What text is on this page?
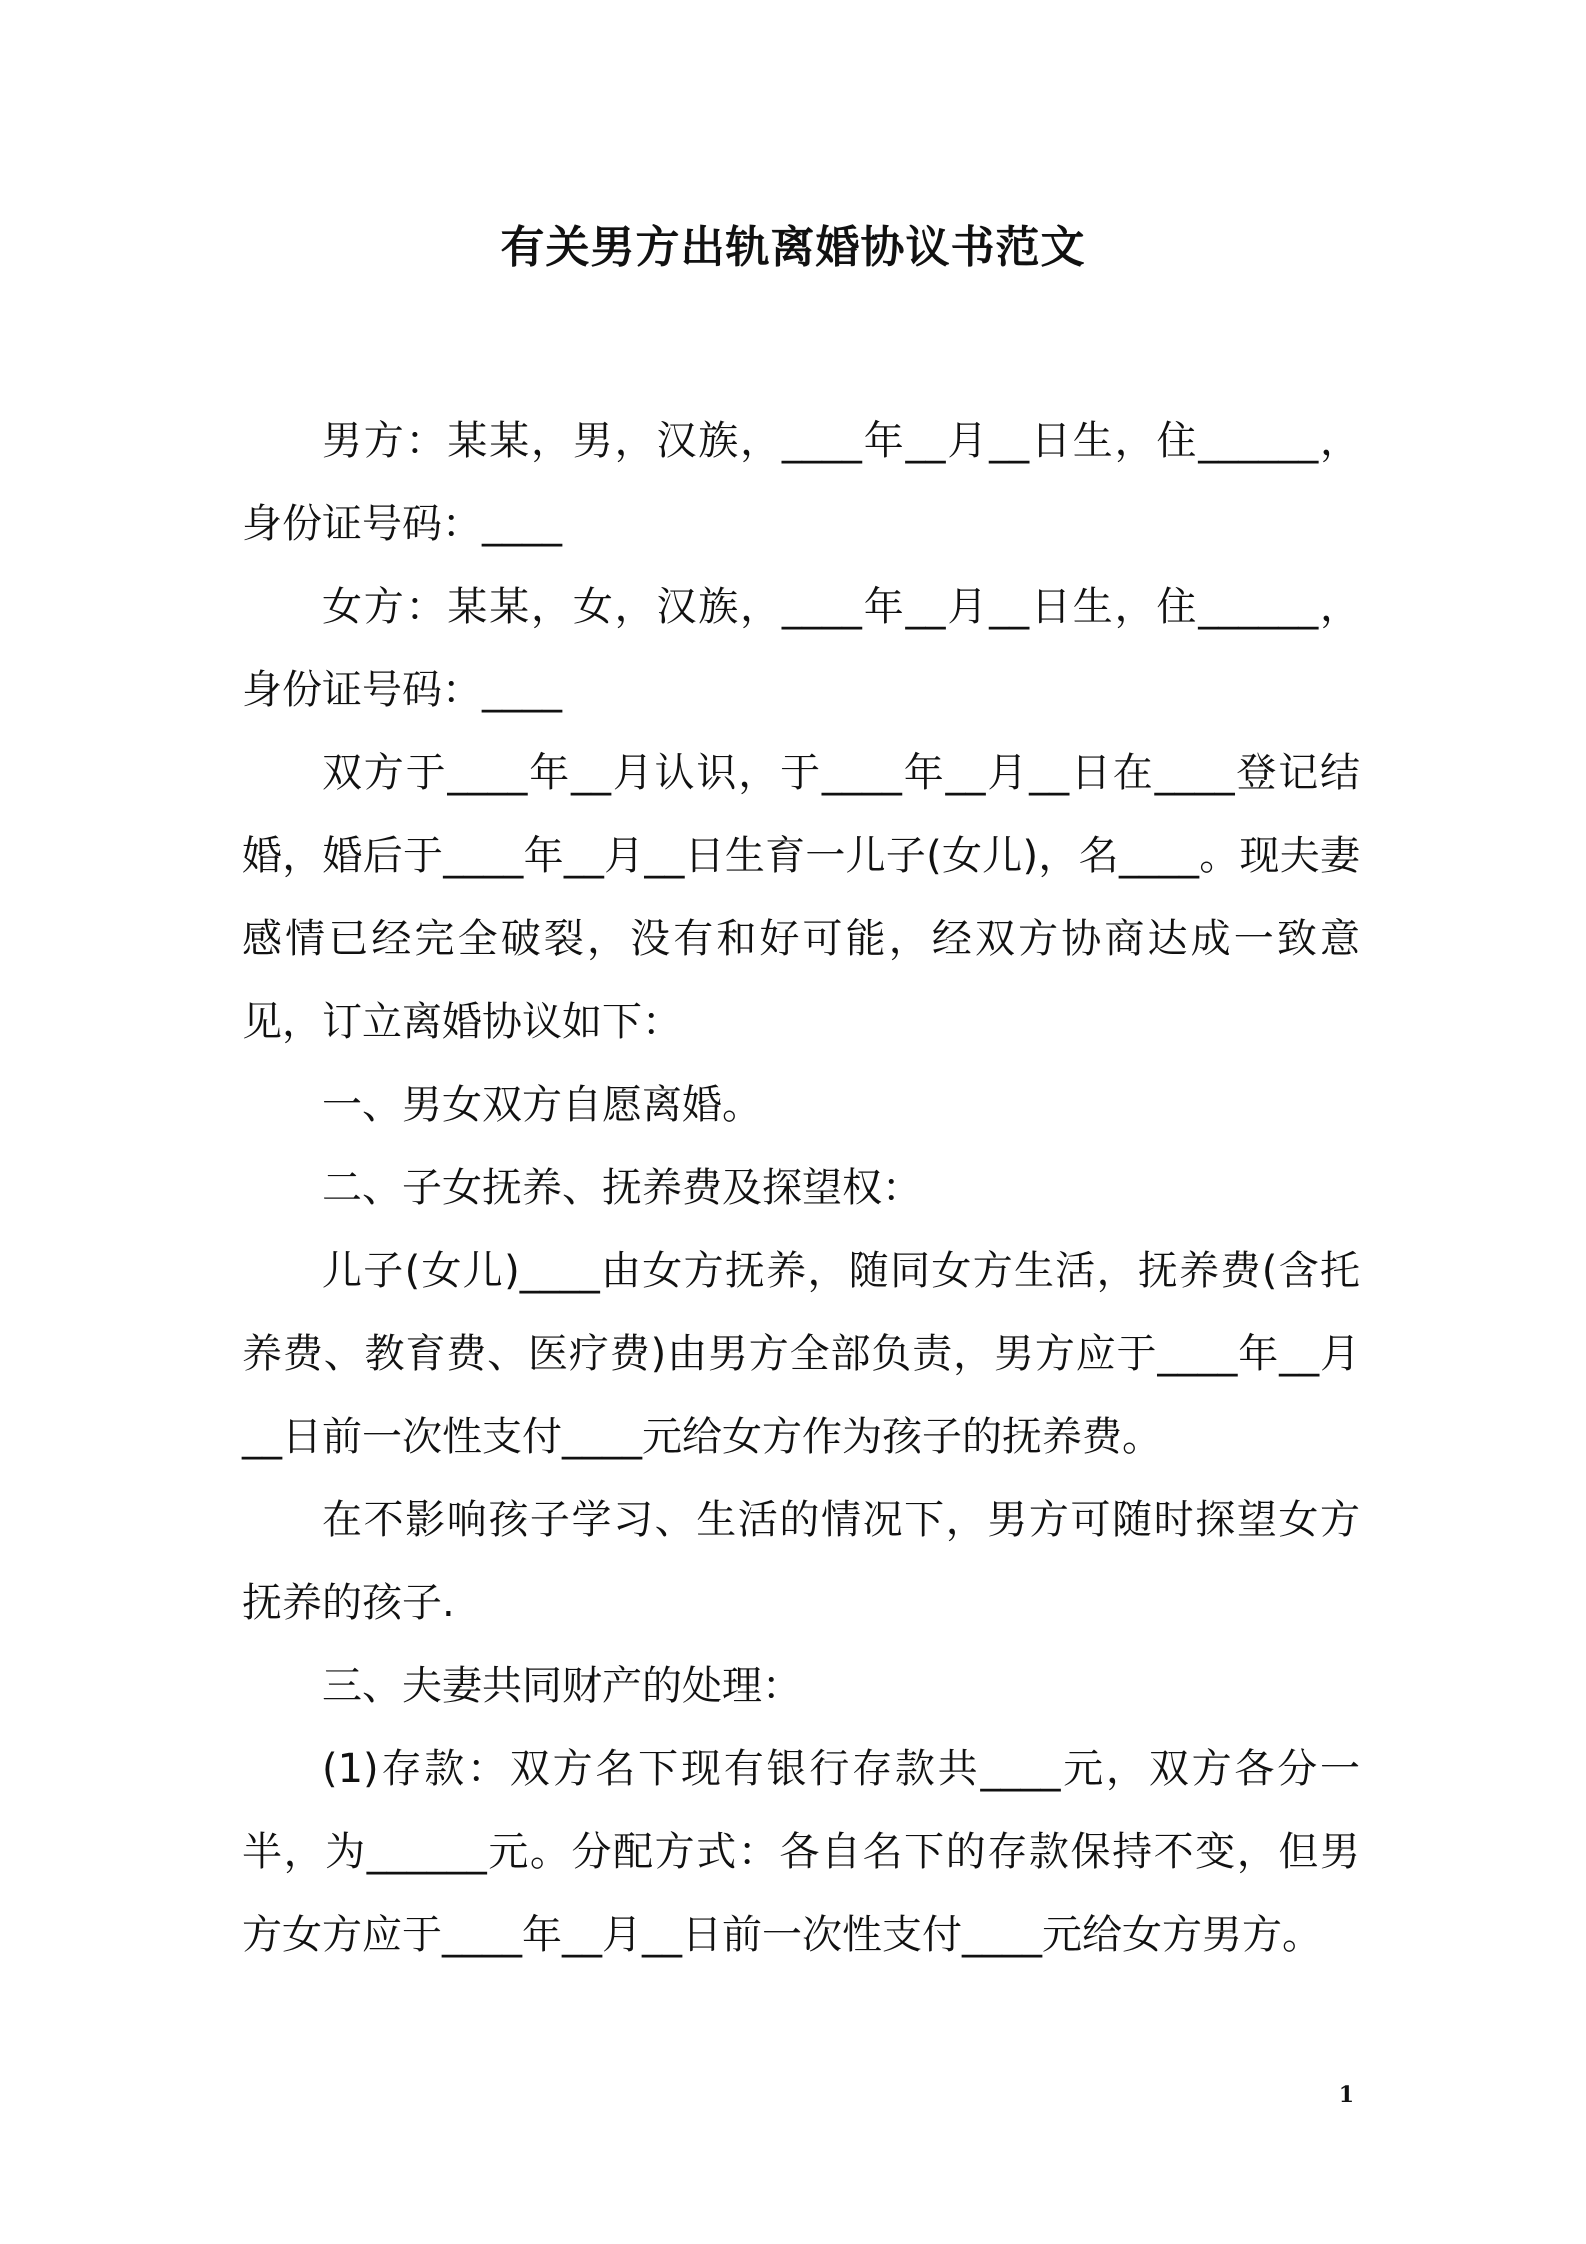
有关男方出轨离婚协议书范文

男方：某某，男，汉族，____年__月__日生，住______，身份证号码：____

女方：某某，女，汉族，____年__月__日生，住______，身份证号码：____

双方于____年__月认识，于____年__月__日在____登记结婚，婚后于____年__月__日生育一儿子(女儿)，名____。现夫妻感情已经完全破裂，没有和好可能，经双方协商达成一致意见，订立离婚协议如下：

一、男女双方自愿离婚。

二、子女抚养、抚养费及探望权：

儿子(女儿)____由女方抚养，随同女方生活，抚养费(含托养费、教育费、医疗费)由男方全部负责，男方应于____年__月__日前一次性支付____元给女方作为孩子的抚养费。

在不影响孩子学习、生活的情况下，男方可随时探望女方抚养的孩子.

三、夫妻共同财产的处理：

(1)存款：双方名下现有银行存款共____元，双方各分一半，为______元。分配方式：各自名下的存款保持不变，但男方女方应于____年__月__日前一次性支付____元给女方男方。

1
